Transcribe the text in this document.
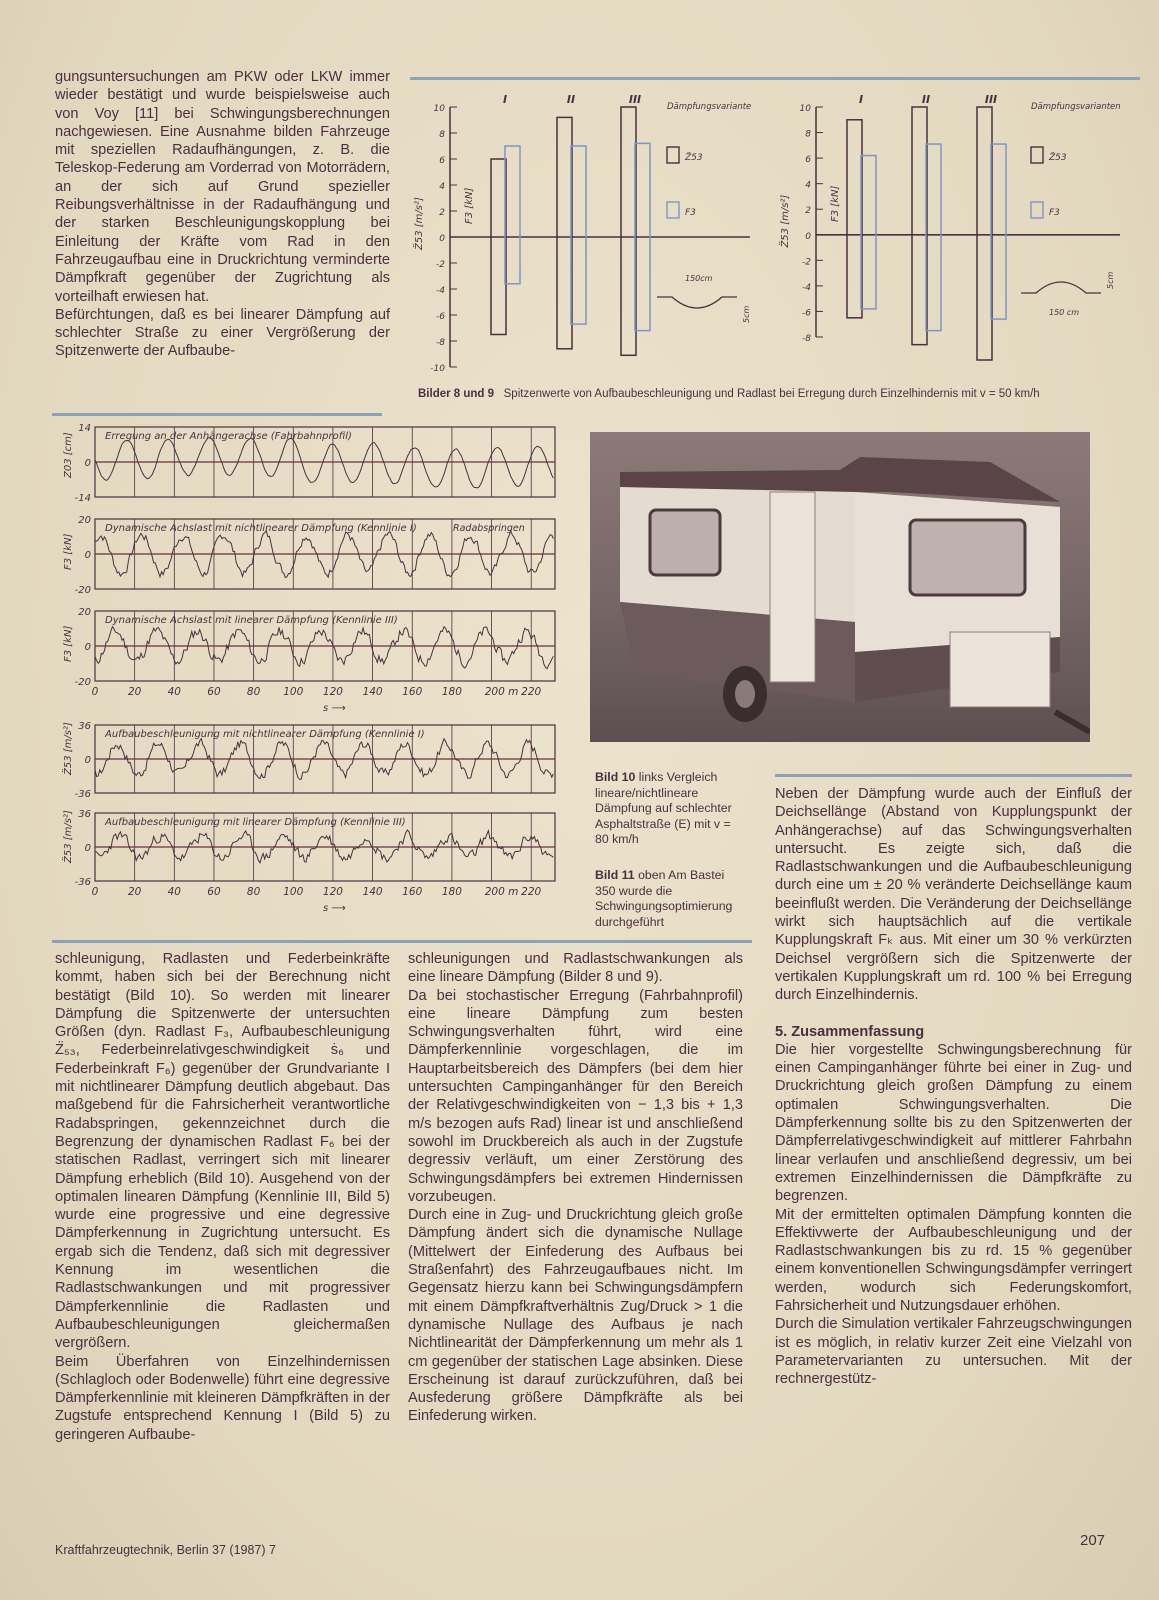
gungsuntersuchungen am PKW oder LKW immer wieder bestätigt und wurde beispielsweise auch von Voy [11] bei Schwingungsberechnungen nachgewiesen. Eine Ausnahme bilden Fahrzeuge mit speziellen Radaufhängungen, z. B. die Teleskop-Federung am Vorderrad von Motorrädern, an der sich auf Grund spezieller Reibungsverhältnisse in der Radaufhängung und der starken Beschleunigungskopplung bei Einleitung der Kräfte vom Rad in den Fahrzeugaufbau eine in Druckrichtung verminderte Dämpfkraft gegenüber der Zugrichtung als vorteilhaft erwiesen hat.

Befürchtungen, daß es bei linearer Dämpfung auf schlechter Straße zu einer Vergrößerung der Spitzenwerte der Aufbaube-

10
8
6
4
2
0
-2
-4
-6
-8
-10
Z̈53 [m/s²]	F3 [kN]
I	II	III
Dämpfungsvariante
Z̈53
F3
150cm
5cm
10
8
6
4
2
0
-2
-4
-6
-8
Z̈53 [m/s²]	F3 [kN]
I	II	III
Dämpfungsvarianten
Z̈53
F3
150 cm
5cm
Bilder 8 und 9 Spitzenwerte von Aufbaubeschleunigung und Radlast bei Erregung durch Einzelhindernis mit v = 50 km/h
14
0
-14
Z03 [cm]	Erregung an der Anhängerachse (Fahrbahnprofil)
20
0
-20
F3 [kN]
Dynamische Achslast mit nichtlinearer Dämpfung (Kennlinie I)	Radabspringen
20
0
-20
F3 [kN]
Dynamische Achslast mit linearer Dämpfung (Kennlinie III)
0	20	40	60	80 100 120 140 160 180 200 m 220
s ⟶
36
0
-36
Z̈53 [m/s²]	Aufbaubeschleunigung mit nichtlinearer Dämpfung (Kennlinie I)
36
0
-36
Z̈53 [m/s²]	Aufbaubeschleunigung mit linearer Dämpfung (Kennlinie III)
0	20	40	60	80 100 120 140 160 180 200 m 220
s ⟶
Bild 10 links Vergleich lineare/nichtlineare Dämpfung auf schlechter Asphaltstraße (E) mit v = 80 km/h
Bild 11 oben Am Bastei 350 wurde die Schwingungsoptimierung durchgeführt

Neben der Dämpfung wurde auch der Einfluß der Deichsellänge (Abstand von Kupplungspunkt der Anhängerachse) auf das Schwingungsverhalten untersucht. Es zeigte sich, daß die Radlastschwankungen und die Aufbaubeschleunigung durch eine um ± 20 % veränderte Deichsellänge kaum beeinflußt werden. Die Veränderung der Deichsellänge wirkt sich hauptsächlich auf die vertikale Kupplungskraft Fₖ aus. Mit einer um 30 % verkürzten Deichsel vergrößern sich die Spitzenwerte der vertikalen Kupplungskraft um rd. 100 % bei Erregung durch Einzelhindernis.

5. Zusammenfassung

Die hier vorgestellte Schwingungsberechnung für einen Campinganhänger führte bei einer in Zug- und Druckrichtung gleich großen Dämpfung zu einem optimalen Schwingungsverhalten. Die Dämpferkennung sollte bis zu den Spitzenwerten der Dämpferrelativgeschwindigkeit auf mittlerer Fahrbahn linear verlaufen und anschließend degressiv, um bei extremen Einzelhindernissen die Dämpfkräfte zu begrenzen.

Mit der ermittelten optimalen Dämpfung konnten die Effektivwerte der Aufbaubeschleunigung und der Radlastschwankungen bis zu rd. 15 % gegenüber einem konventionellen Schwingungsdämpfer verringert werden, wodurch sich Federungskomfort, Fahrsicherheit und Nutzungsdauer erhöhen.

Durch die Simulation vertikaler Fahrzeugschwingungen ist es möglich, in relativ kurzer Zeit eine Vielzahl von Parametervarianten zu untersuchen. Mit der rechnergestütz-

schleunigung, Radlasten und Federbeinkräfte kommt, haben sich bei der Berechnung nicht bestätigt (Bild 10). So werden mit linearer Dämpfung die Spitzenwerte der untersuchten Größen (dyn. Radlast F₃, Aufbaubeschleunigung Z̈₅₃, Federbeinrelativgeschwindigkeit ṡ₆ und Federbeinkraft F₆) gegenüber der Grundvariante I mit nichtlinearer Dämpfung deutlich abgebaut. Das maßgebend für die Fahrsicherheit verantwortliche Radabspringen, gekennzeichnet durch die Begrenzung der dynamischen Radlast F₆ bei der statischen Radlast, verringert sich mit linearer Dämpfung erheblich (Bild 10). Ausgehend von der optimalen linearen Dämpfung (Kennlinie III, Bild 5) wurde eine progressive und eine degressive Dämpferkennung in Zugrichtung untersucht. Es ergab sich die Tendenz, daß sich mit degressiver Kennung im wesentlichen die Radlastschwankungen und mit progressiver Dämpferkennlinie die Radlasten und Aufbaubeschleunigungen gleichermaßen vergrößern.

Beim Überfahren von Einzelhindernissen (Schlagloch oder Bodenwelle) führt eine degressive Dämpferkennlinie mit kleineren Dämpfkräften in der Zugstufe entsprechend Kennung I (Bild 5) zu geringeren Aufbaube-

schleunigungen und Radlastschwankungen als eine lineare Dämpfung (Bilder 8 und 9).

Da bei stochastischer Erregung (Fahrbahnprofil) eine lineare Dämpfung zum besten Schwingungsverhalten führt, wird eine Dämpferkennlinie vorgeschlagen, die im Hauptarbeitsbereich des Dämpfers (bei dem hier untersuchten Campinganhänger für den Bereich der Relativgeschwindigkeiten von − 1,3 bis + 1,3 m/s bezogen aufs Rad) linear ist und anschließend sowohl im Druckbereich als auch in der Zugstufe degressiv verläuft, um einer Zerstörung des Schwingungsdämpfers bei extremen Hindernissen vorzubeugen.

Durch eine in Zug- und Druckrichtung gleich große Dämpfung ändert sich die dynamische Nullage (Mittelwert der Einfederung des Aufbaus bei Straßenfahrt) des Fahrzeugaufbaues nicht. Im Gegensatz hierzu kann bei Schwingungsdämpfern mit einem Dämpfkraftverhältnis Zug/Druck > 1 die dynamische Nullage des Aufbaus je nach Nichtlinearität der Dämpferkennung um mehr als 1 cm gegenüber der statischen Lage absinken. Diese Erscheinung ist darauf zurückzuführen, daß bei Ausfederung größere Dämpfkräfte als bei Einfederung wirken.

Kraftfahrzeugtechnik, Berlin 37 (1987) 7
207
